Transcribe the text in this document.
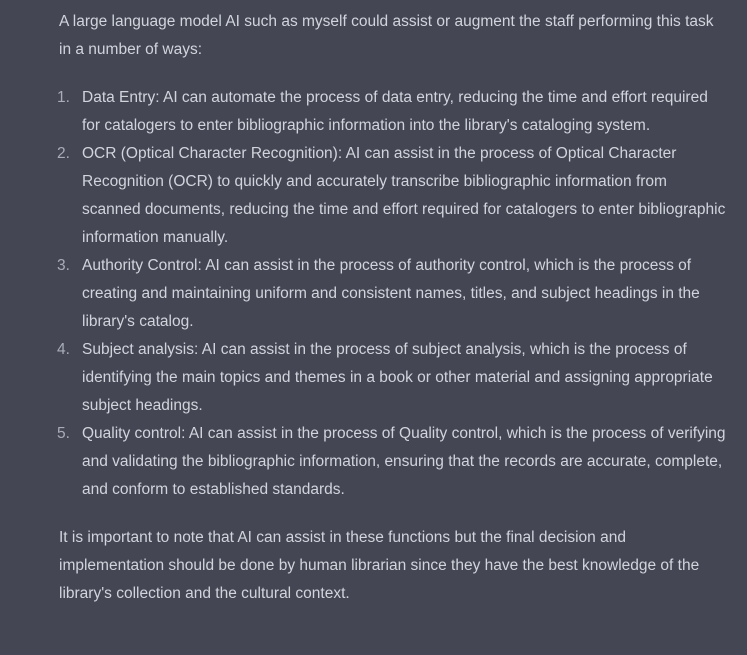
A large language model AI such as myself could assist or augment the staff performing this task in a number of ways:

1. Data Entry: AI can automate the process of data entry, reducing the time and effort required for catalogers to enter bibliographic information into the library's cataloging system.
2. OCR (Optical Character Recognition): AI can assist in the process of Optical Character Recognition (OCR) to quickly and accurately transcribe bibliographic information from scanned documents, reducing the time and effort required for catalogers to enter bibliographic information manually.
3. Authority Control: AI can assist in the process of authority control, which is the process of creating and maintaining uniform and consistent names, titles, and subject headings in the library's catalog.
4. Subject analysis: AI can assist in the process of subject analysis, which is the process of identifying the main topics and themes in a book or other material and assigning appropriate subject headings.
5. Quality control: AI can assist in the process of Quality control, which is the process of verifying and validating the bibliographic information, ensuring that the records are accurate, complete, and conform to established standards.

It is important to note that AI can assist in these functions but the final decision and implementation should be done by human librarian since they have the best knowledge of the library's collection and the cultural context.
